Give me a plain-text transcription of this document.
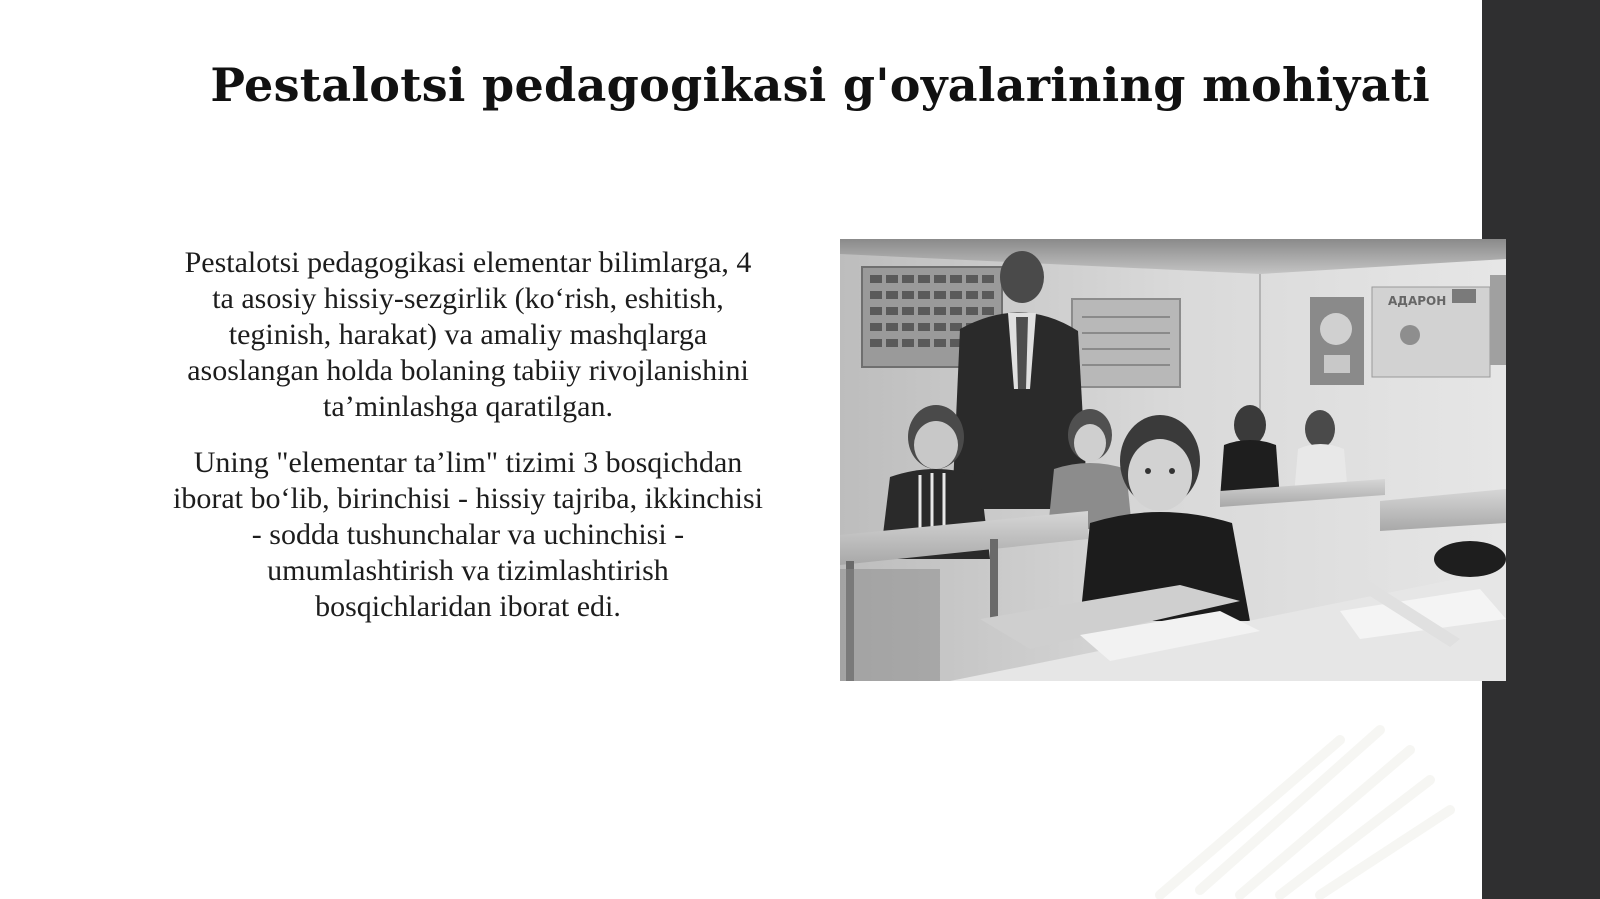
Pestalotsi pedagogikasi g'oyalarining mohiyati

Pestalotsi pedagogikasi elementar bilimlarga, 4
ta asosiy hissiy-sezgirlik (ko‘rish, eshitish,
teginish, harakat) va amaliy mashqlarga
asoslangan holda bolaning tabiiy rivojlanishini
ta’minlashga qaratilgan.

Uning "elementar ta’lim" tizimi 3 bosqichdan
iborat bo‘lib, birinchisi - hissiy tajriba, ikkinchisi
- sodda tushunchalar va uchinchisi -
umumlashtirish va tizimlashtirish
bosqichlaridan iborat edi.

АДАРОН
